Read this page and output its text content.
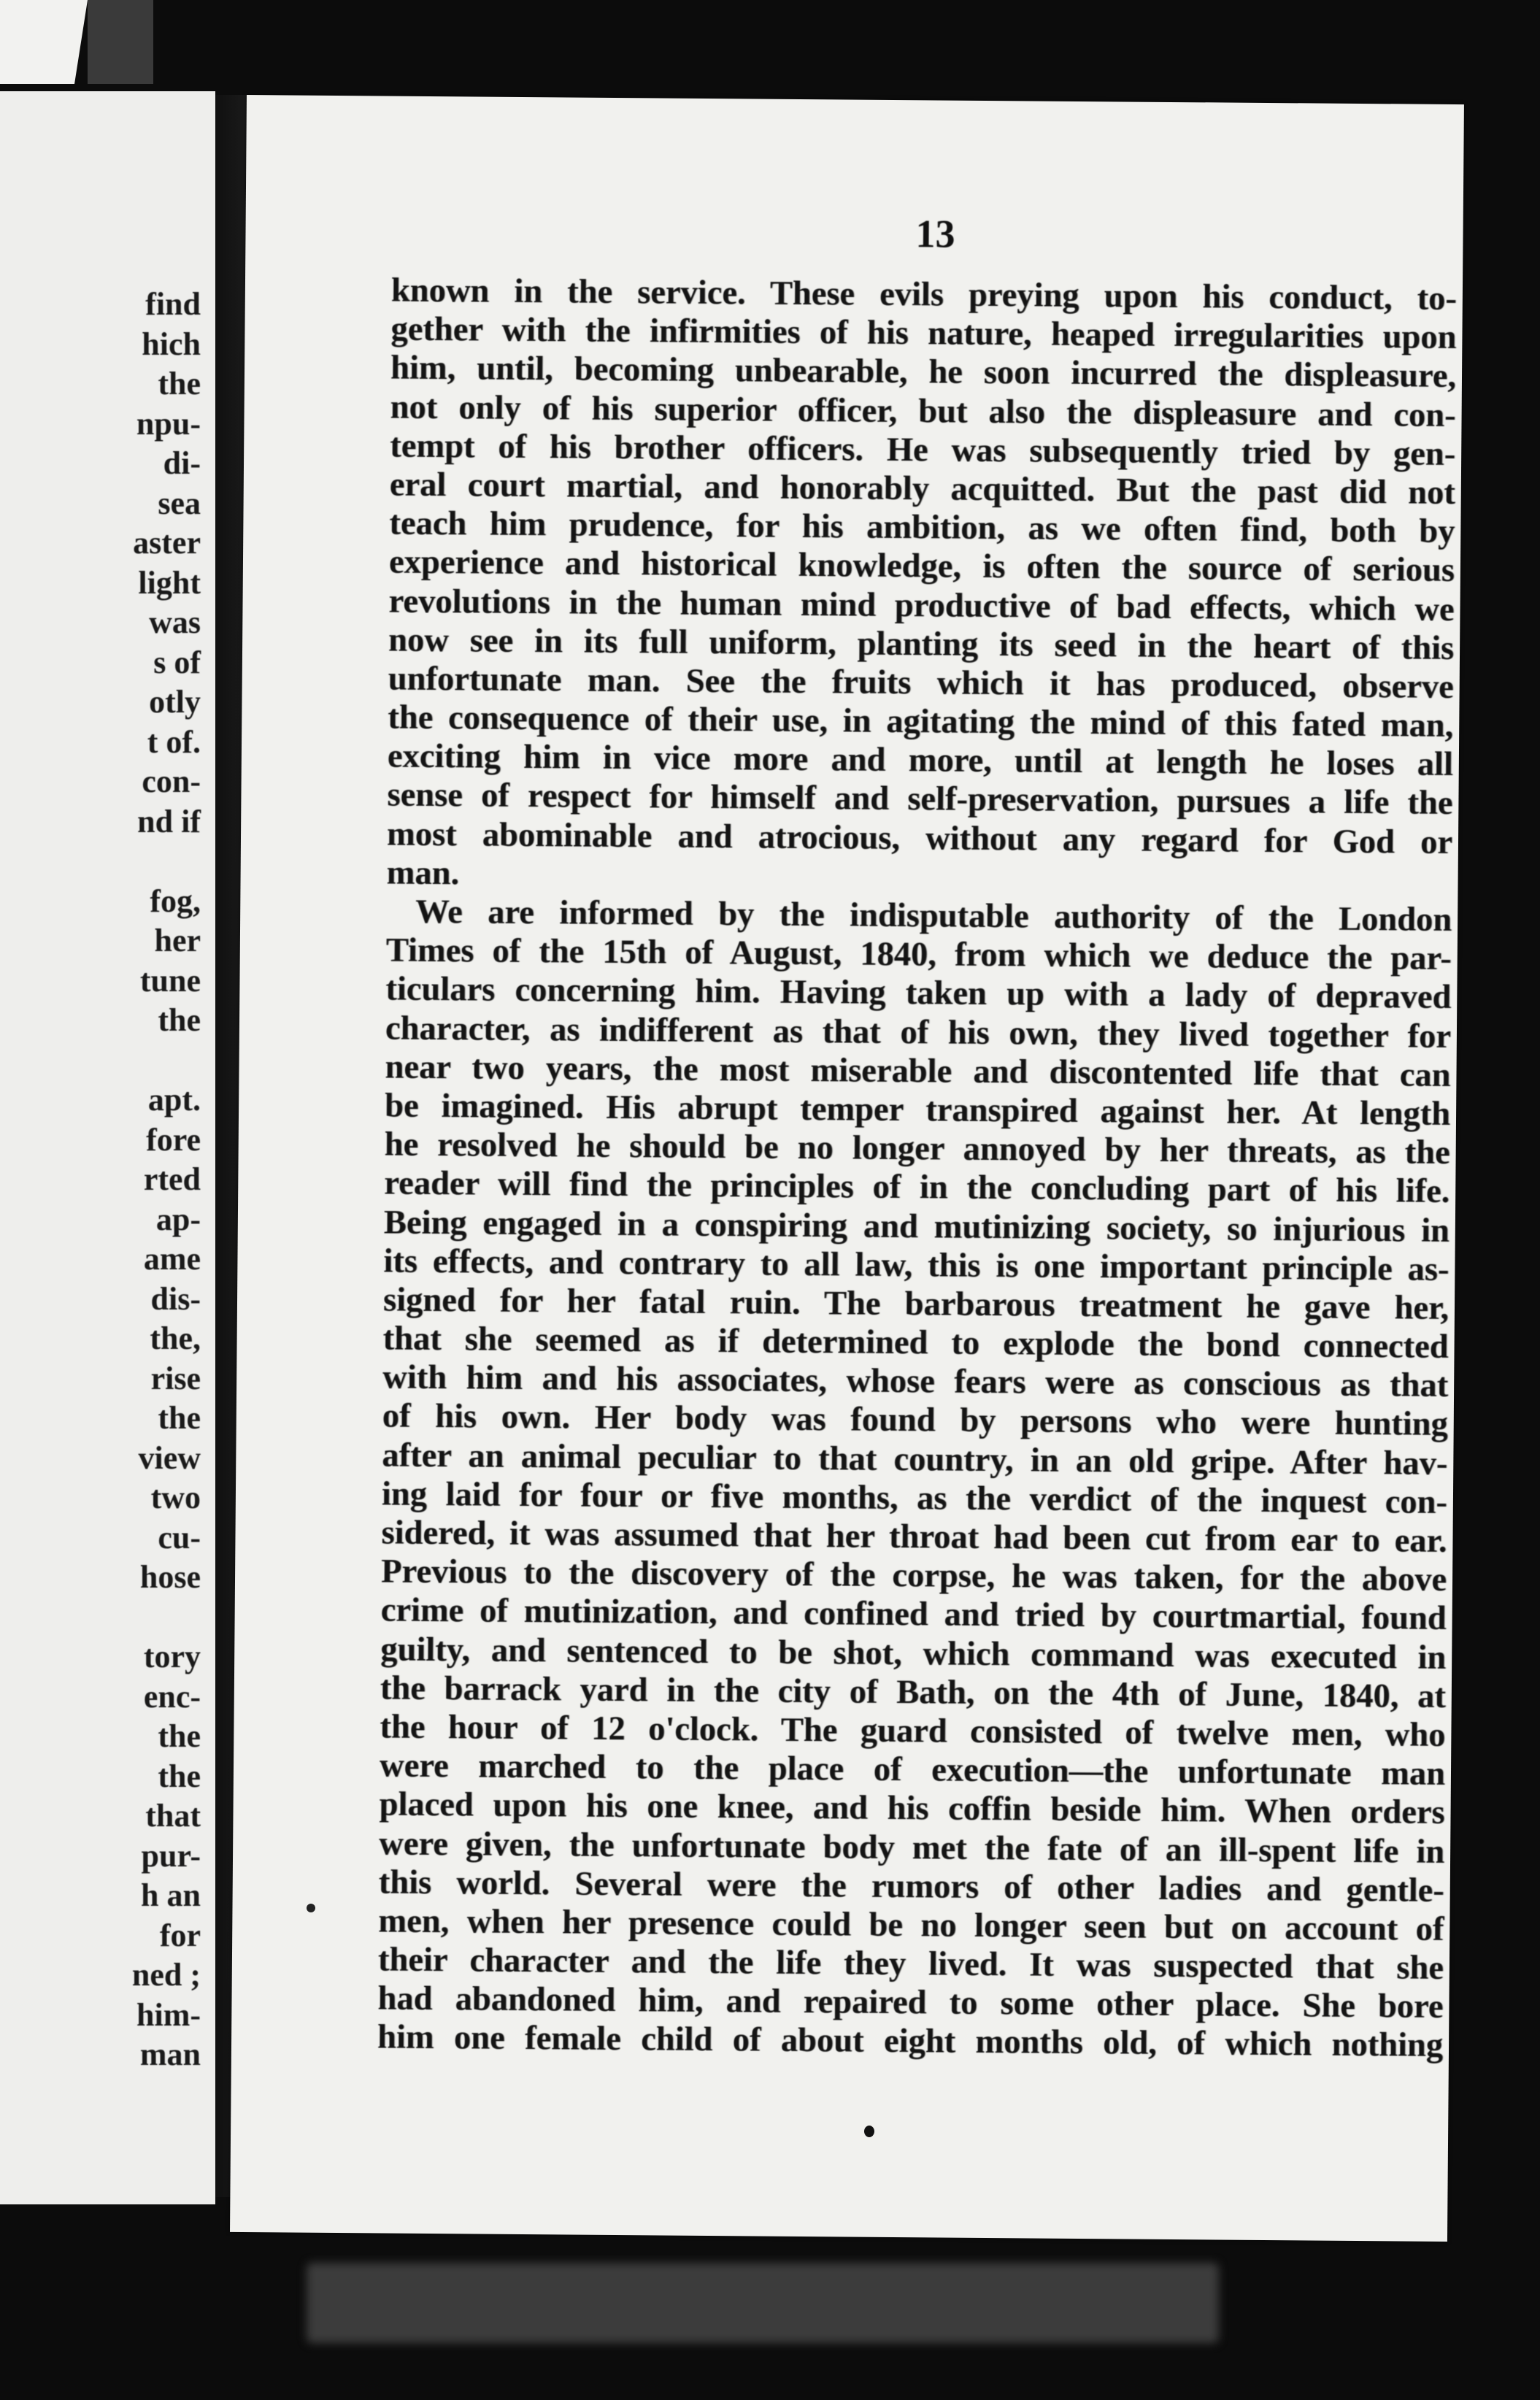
find
hich
the
npu-
di-
sea
aster
light
was
s of
otly
t of.
con-
nd if
fog,
her
tune
the
apt.
fore
rted
ap-
ame
dis-
the,
rise
the
view
two
cu-
hose
tory
enc-
the
the
that
pur-
h an
for
ned ;
him-
man
13
known in the service. These evils preying upon his conduct, to-
gether with the infirmities of his nature, heaped irregularities upon
him, until, becoming unbearable, he soon incurred the displeasure,
not only of his superior officer, but also the displeasure and con-
tempt of his brother officers. He was subsequently tried by gen-
eral court martial, and honorably acquitted. But the past did not
teach him prudence, for his ambition, as we often find, both by
experience and historical knowledge, is often the source of serious
revolutions in the human mind productive of bad effects, which we
now see in its full uniform, planting its seed in the heart of this
unfortunate man. See the fruits which it has produced, observe
the consequence of their use, in agitating the mind of this fated man,
exciting him in vice more and more, until at length he loses all
sense of respect for himself and self-preservation, pursues a life the
most abominable and atrocious, without any regard for God or
man.
We are informed by the indisputable authority of the London
Times of the 15th of August, 1840, from which we deduce the par-
ticulars concerning him. Having taken up with a lady of depraved
character, as indifferent as that of his own, they lived together for
near two years, the most miserable and discontented life that can
be imagined. His abrupt temper transpired against her. At length
he resolved he should be no longer annoyed by her threats, as the
reader will find the principles of in the concluding part of his life.
Being engaged in a conspiring and mutinizing society, so injurious in
its effects, and contrary to all law, this is one important principle as-
signed for her fatal ruin. The barbarous treatment he gave her,
that she seemed as if determined to explode the bond connected
with him and his associates, whose fears were as conscious as that
of his own. Her body was found by persons who were hunting
after an animal peculiar to that country, in an old gripe. After hav-
ing laid for four or five months, as the verdict of the inquest con-
sidered, it was assumed that her throat had been cut from ear to ear.
Previous to the discovery of the corpse, he was taken, for the above
crime of mutinization, and confined and tried by courtmartial, found
guilty, and sentenced to be shot, which command was executed in
the barrack yard in the city of Bath, on the 4th of June, 1840, at
the hour of 12 o'clock. The guard consisted of twelve men, who
were marched to the place of execution—the unfortunate man
placed upon his one knee, and his coffin beside him. When orders
were given, the unfortunate body met the fate of an ill-spent life in
this world. Several were the rumors of other ladies and gentle-
men, when her presence could be no longer seen but on account of
their character and the life they lived. It was suspected that she
had abandoned him, and repaired to some other place. She bore
him one female child of about eight months old, of which nothing
